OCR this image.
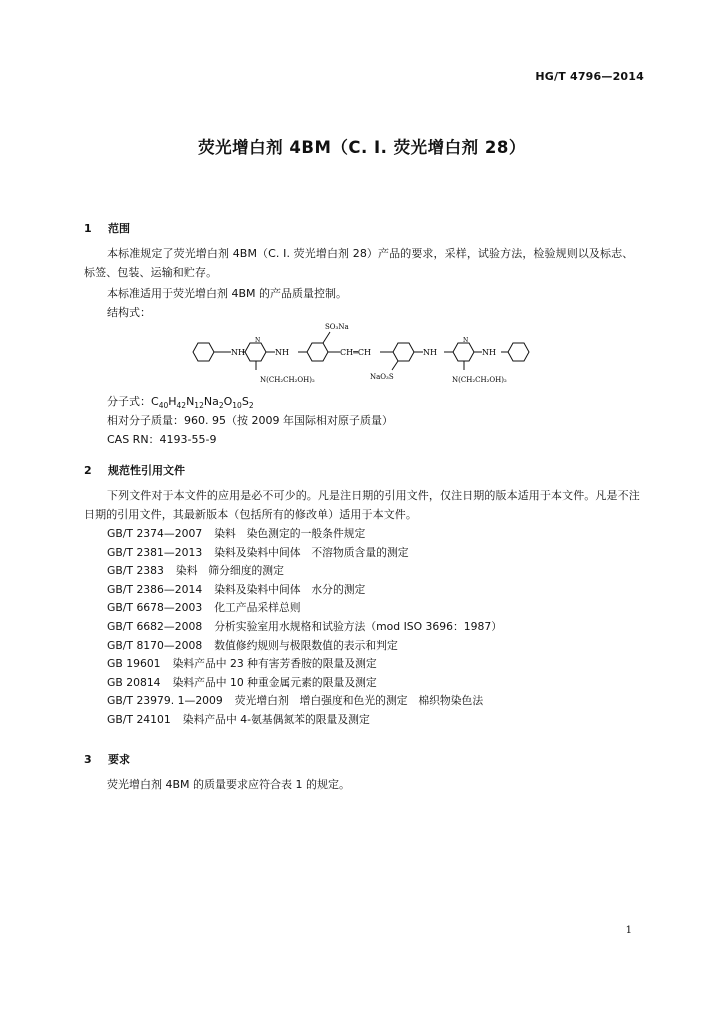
HG/T 4796—2014
荧光增白剂 4BM（C. I. 荧光增白剂 28）
1 范围
本标准规定了荧光增白剂 4BM（C. I. 荧光增白剂 28）产品的要求，采样，试验方法，检验规则以及标志、标签、包装、运输和贮存。
本标准适用于荧光增白剂 4BM 的产品质量控制。
结构式：
NH
N
NH
SO₃Na
CH═CH
NaO₃S
NH
N
NH
N(CH₂CH₂OH)₂	N(CH₂CH₂OH)₂
分子式：$C_{40}H_{42}N_{12}Na_2O_{10}S_2$
相对分子质量：960. 95（按 2009 年国际相对原子质量）
CAS RN：4193-55-9
2 规范性引用文件
下列文件对于本文件的应用是必不可少的。凡是注日期的引用文件，仅注日期的版本适用于本文件。凡是不注日期的引用文件，其最新版本（包括所有的修改单）适用于本文件。
GB/T 2374—2007 染料　染色测定的一般条件规定
GB/T 2381—2013 染料及染料中间体　不溶物质含量的测定
GB/T 2383 染料　筛分细度的测定
GB/T 2386—2014 染料及染料中间体　水分的测定
GB/T 6678—2003 化工产品采样总则
GB/T 6682—2008 分析实验室用水规格和试验方法（mod ISO 3696：1987）
GB/T 8170—2008 数值修约规则与极限数值的表示和判定
GB 19601 染料产品中 23 种有害芳香胺的限量及测定
GB 20814 染料产品中 10 种重金属元素的限量及测定
GB/T 23979. 1—2009 荧光增白剂　增白强度和色光的测定　棉织物染色法
GB/T 24101 染料产品中 4-氨基偶氮苯的限量及测定
3 要求
荧光增白剂 4BM 的质量要求应符合表 1 的规定。
1
